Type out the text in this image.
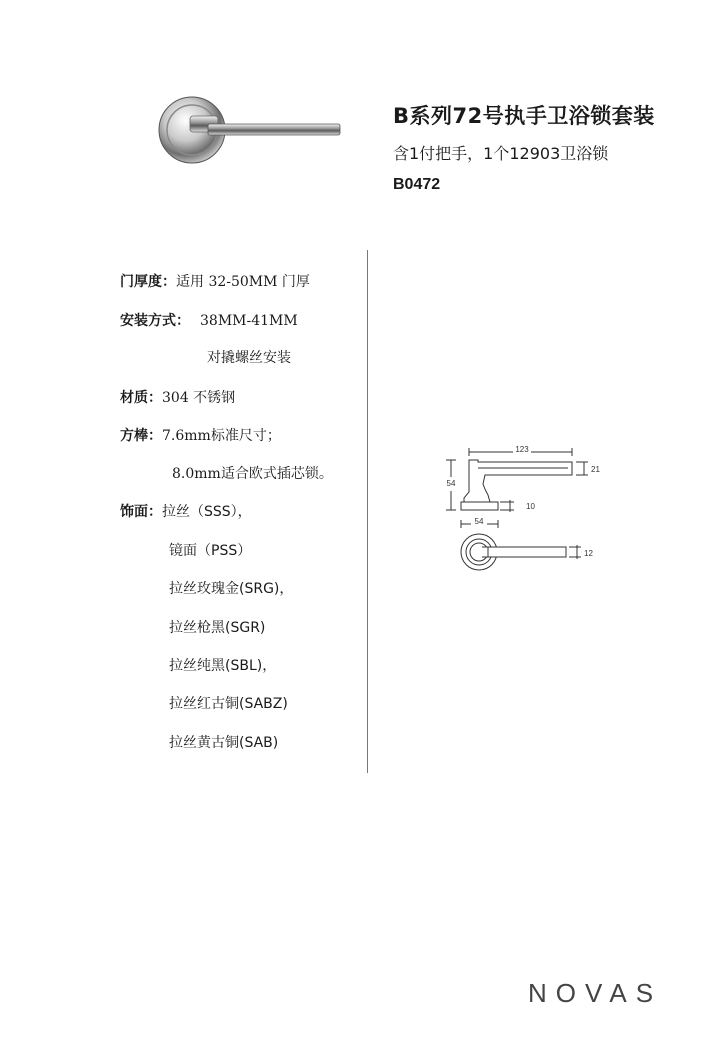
B系列72号执手卫浴锁套装
含1付把手，1个12903卫浴锁
B0472
门厚度：适用 32-50MM 门厚
安装方式： 38MM-41MM
对撬螺丝安装
材质：304 不锈钢
方棒：7.6mm标准尺寸；
8.0mm适合欧式插芯锁。
饰面：拉丝（SSS），
镜面（PSS）
拉丝玫瑰金(SRG)，
拉丝枪黑(SGR)
拉丝纯黑(SBL)，
拉丝红古铜(SABZ)
拉丝黄古铜(SAB)
123
21
54
10
54
12
NOVAS
